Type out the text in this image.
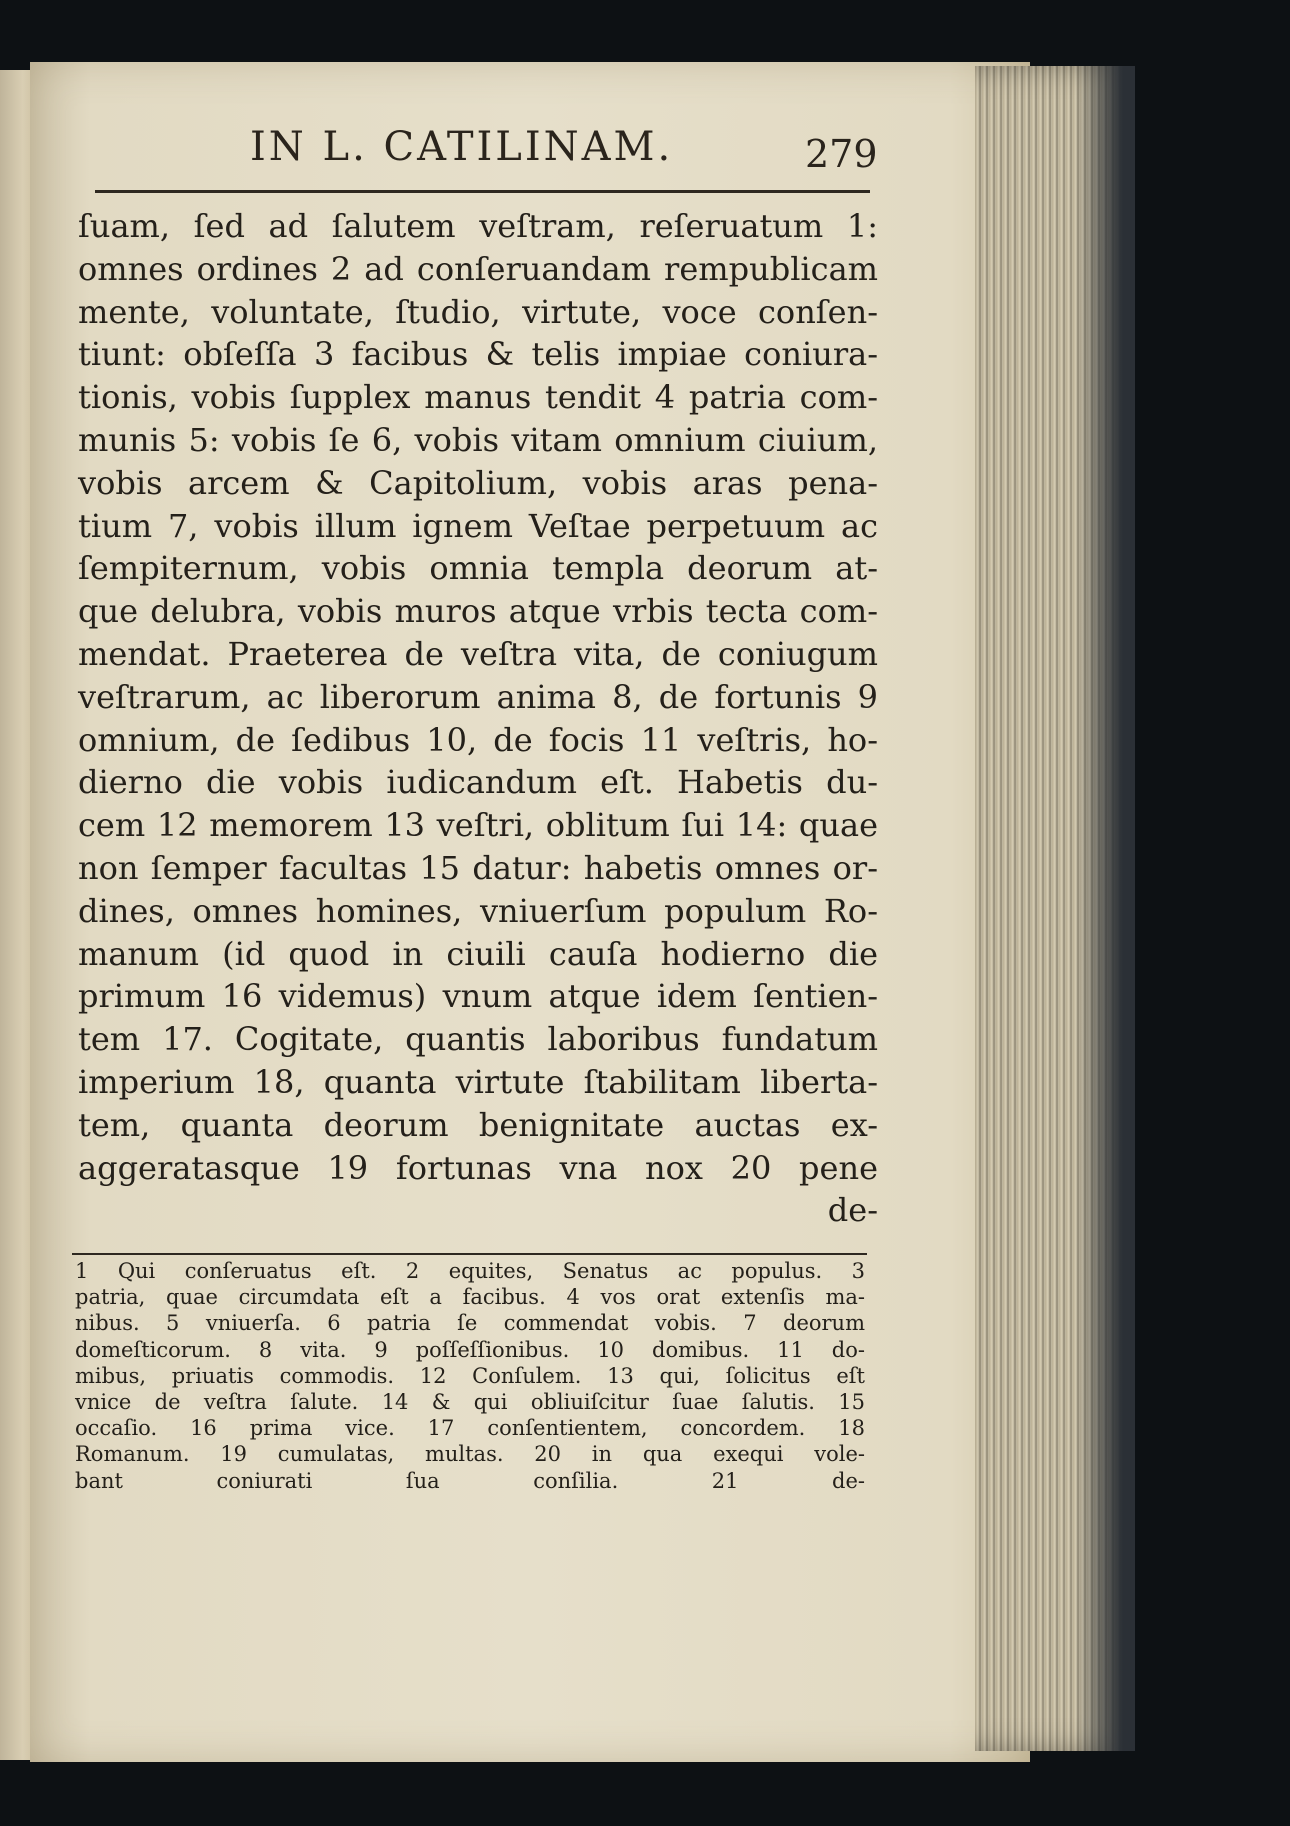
IN L. CATILINAM.	279
ſuam, ſed ad ſalutem veſtram, reſeruatum 1:
omnes ordines 2 ad conſeruandam rempublicam
mente, voluntate, ſtudio, virtute, voce conſen-
tiunt: obſeſſa 3 facibus & telis impiae coniura-
tionis, vobis ſupplex manus tendit 4 patria com-
munis 5: vobis ſe 6, vobis vitam omnium ciuium,
vobis arcem & Capitolium, vobis aras pena-
tium 7, vobis illum ignem Veſtae perpetuum ac
ſempiternum, vobis omnia templa deorum at-
que delubra, vobis muros atque vrbis tecta com-
mendat. Praeterea de veſtra vita, de coniugum
veſtrarum, ac liberorum anima 8, de fortunis 9
omnium, de ſedibus 10, de focis 11 veſtris, ho-
dierno die vobis iudicandum eſt. Habetis du-
cem 12 memorem 13 veſtri, oblitum ſui 14: quae
non ſemper facultas 15 datur: habetis omnes or-
dines, omnes homines, vniuerſum populum Ro-
manum (id quod in ciuili cauſa hodierno die
primum 16 videmus) vnum atque idem ſentien-
tem 17. Cogitate, quantis laboribus fundatum
imperium 18, quanta virtute ſtabilitam liberta-
tem, quanta deorum benignitate auctas ex-
aggeratasque 19 fortunas vna nox 20 pene
de-
1 Qui conſeruatus eſt. 2 equites, Senatus ac populus. 3
patria, quae circumdata eſt a facibus. 4 vos orat extenſis ma-
nibus. 5 vniuerſa. 6 patria ſe commendat vobis. 7 deorum
domeſticorum. 8 vita. 9 poſſeſſionibus. 10 domibus. 11 do-
mibus, priuatis commodis. 12 Conſulem. 13 qui, ſolicitus eſt
vnice de veſtra ſalute. 14 & qui obliuiſcitur ſuae ſalutis. 15
occaſio. 16 prima vice. 17 conſentientem, concordem. 18
Romanum. 19 cumulatas, multas. 20 in qua exequi vole-
bant coniurati ſua conſilia. 21 de-
